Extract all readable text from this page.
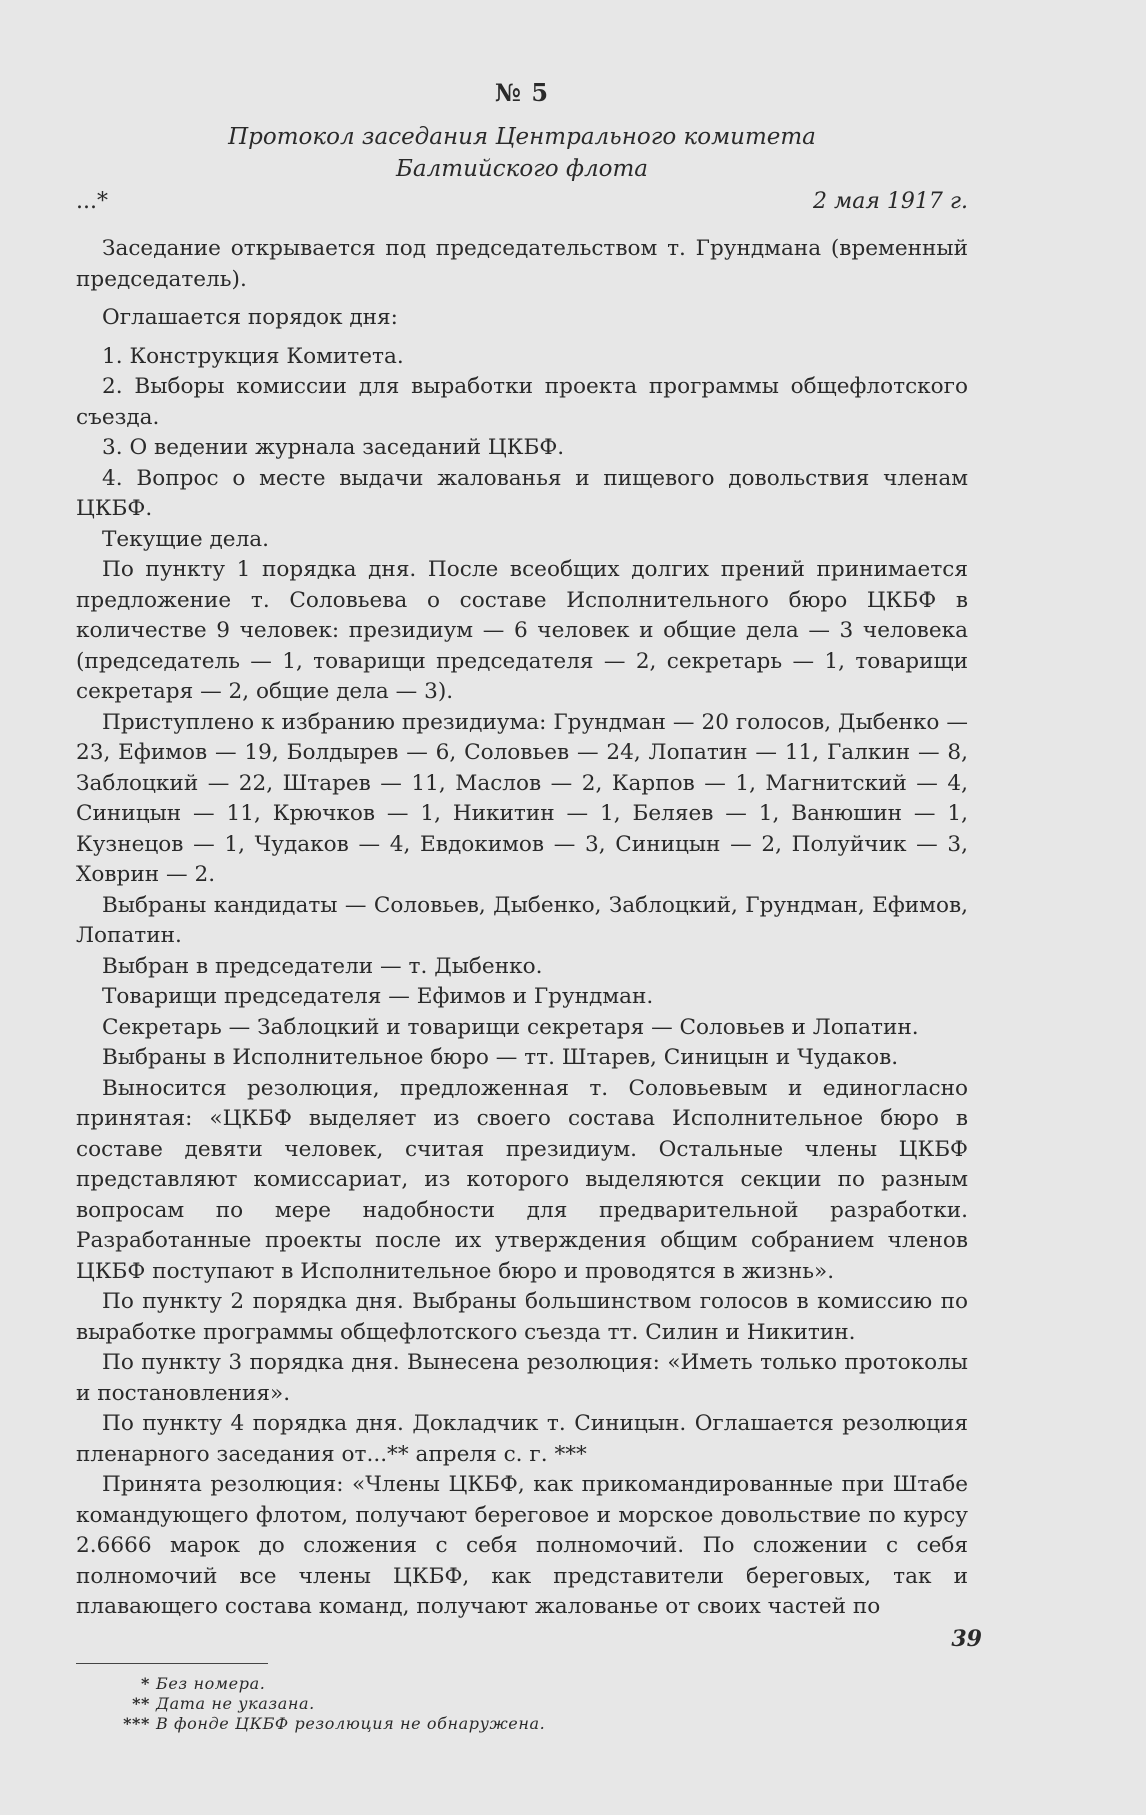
№ 5
Протокол заседания Центрального комитета
Балтийского флота
...*	2 мая 1917 г.

Заседание открывается под председательством т. Грундмана (временный председатель).

Оглашается порядок дня:

1. Конструкция Комитета.

2. Выборы комиссии для выработки проекта программы общефлотского съезда.

3. О ведении журнала заседаний ЦКБФ.

4. Вопрос о месте выдачи жалованья и пищевого довольствия членам ЦКБФ.

Текущие дела.

По пункту 1 порядка дня. После всеобщих долгих прений принимается предложение т. Соловьева о составе Исполнительного бюро ЦКБФ в количестве 9 человек: президиум — 6 человек и общие дела — 3 человека (председатель — 1, товарищи председателя — 2, секретарь — 1, товарищи секретаря — 2, общие дела — 3).

Приступлено к избранию президиума: Грундман — 20 голосов, Дыбенко — 23, Ефимов — 19, Болдырев — 6, Соловьев — 24, Лопатин — 11, Галкин — 8, Заблоцкий — 22, Штарев — 11, Маслов — 2, Карпов — 1, Магнитский — 4, Синицын — 11, Крючков — 1, Никитин — 1, Беляев — 1, Ванюшин — 1, Кузнецов — 1, Чудаков — 4, Евдокимов — 3, Синицын — 2, Полуйчик — 3, Ховрин — 2.

Выбраны кандидаты — Соловьев, Дыбенко, Заблоцкий, Грундман, Ефимов, Лопатин.

Выбран в председатели — т. Дыбенко.

Товарищи председателя — Ефимов и Грундман.

Секретарь — Заблоцкий и товарищи секретаря — Соловьев и Лопатин.

Выбраны в Исполнительное бюро — тт. Штарев, Синицын и Чудаков.

Выносится резолюция, предложенная т. Соловьевым и единогласно принятая: «ЦКБФ выделяет из своего состава Исполнительное бюро в составе девяти человек, считая президиум. Остальные члены ЦКБФ представляют комиссариат, из которого выделяются секции по разным вопросам по мере надобности для предварительной разработки. Разработанные проекты после их утверждения общим собранием членов ЦКБФ поступают в Исполнительное бюро и проводятся в жизнь».

По пункту 2 порядка дня. Выбраны большинством голосов в комиссию по выработке программы общефлотского съезда тт. Силин и Никитин.

По пункту 3 порядка дня. Вынесена резолюция: «Иметь только протоколы и постановления».

По пункту 4 порядка дня. Докладчик т. Синицын. Оглашается резолюция пленарного заседания от...** апреля с. г. ***

Принята резолюция: «Члены ЦКБФ, как прикомандированные при Штабе командующего флотом, получают береговое и морское довольствие по курсу 2.6666 марок до сложения с себя полномочий. По сложении с себя полномочий все члены ЦКБФ, как представители береговых, так и плавающего состава команд, получают жалованье от своих частей по

* Без номера.
** Дата не указана.
*** В фонде ЦКБФ резолюция не обнаружена.
39
